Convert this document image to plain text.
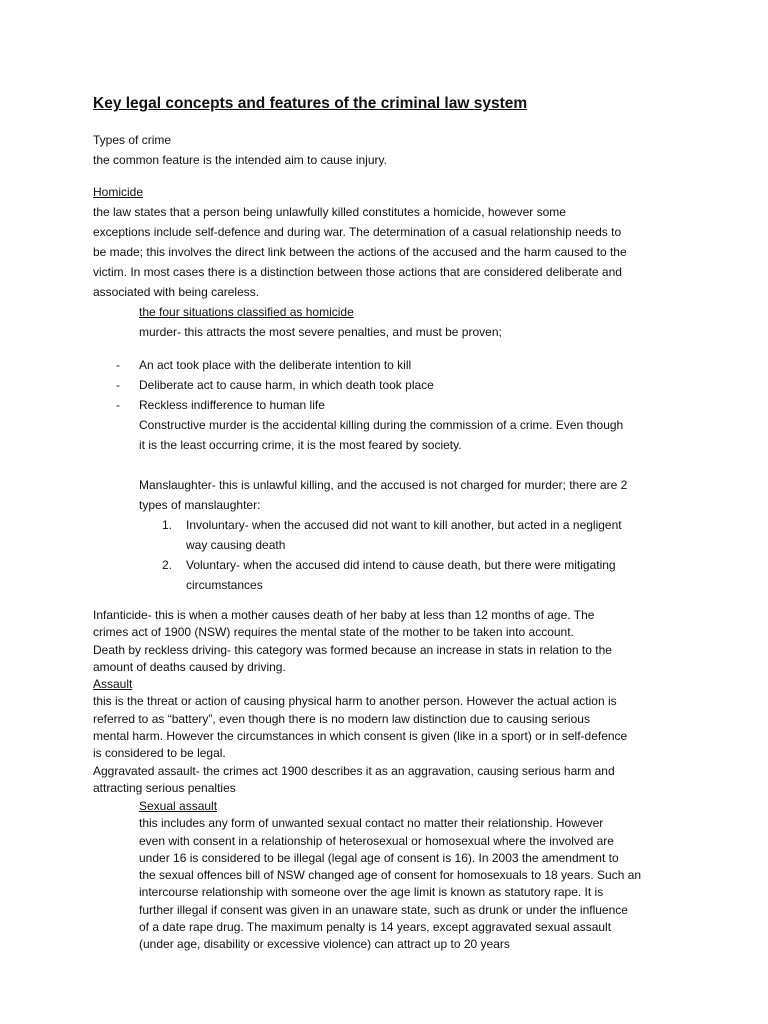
Key legal concepts and features of the criminal law system
Types of crime
the common feature is the intended aim to cause injury.
Homicide
the law states that a person being unlawfully killed constitutes a homicide, however some
exceptions include self-defence and during war. The determination of a casual relationship needs to
be made; this involves the direct link between the actions of the accused and the harm caused to the
victim. In most cases there is a distinction between those actions that are considered deliberate and
associated with being careless.
the four situations classified as homicide
murder- this attracts the most severe penalties, and must be proven;
-
-
-
An act took place with the deliberate intention to kill
Deliberate act to cause harm, in which death took place
Reckless indifference to human life
Constructive murder is the accidental killing during the commission of a crime. Even though
it is the least occurring crime, it is the most feared by society.
Manslaughter- this is unlawful killing, and the accused is not charged for murder; there are 2
types of manslaughter:
1. Involuntary- when the accused did not want to kill another, but acted in a negligent
way causing death
2. Voluntary- when the accused did intend to cause death, but there were mitigating
circumstances
Infanticide- this is when a mother causes death of her baby at less than 12 months of age. The
crimes act of 1900 (NSW) requires the mental state of the mother to be taken into account.
Death by reckless driving- this category was formed because an increase in stats in relation to the
amount of deaths caused by driving.
Assault
this is the threat or action of causing physical harm to another person. However the actual action is
referred to as “battery”, even though there is no modern law distinction due to causing serious
mental harm. However the circumstances in which consent is given (like in a sport) or in self-defence
is considered to be legal.
Aggravated assault- the crimes act 1900 describes it as an aggravation, causing serious harm and
attracting serious penalties
Sexual assault
this includes any form of unwanted sexual contact no matter their relationship. However
even with consent in a relationship of heterosexual or homosexual where the involved are
under 16 is considered to be illegal (legal age of consent is 16). In 2003 the amendment to
the sexual offences bill of NSW changed age of consent for homosexuals to 18 years. Such an
intercourse relationship with someone over the age limit is known as statutory rape. It is
further illegal if consent was given in an unaware state, such as drunk or under the influence
of a date rape drug. The maximum penalty is 14 years, except aggravated sexual assault
(under age, disability or excessive violence) can attract up to 20 years
